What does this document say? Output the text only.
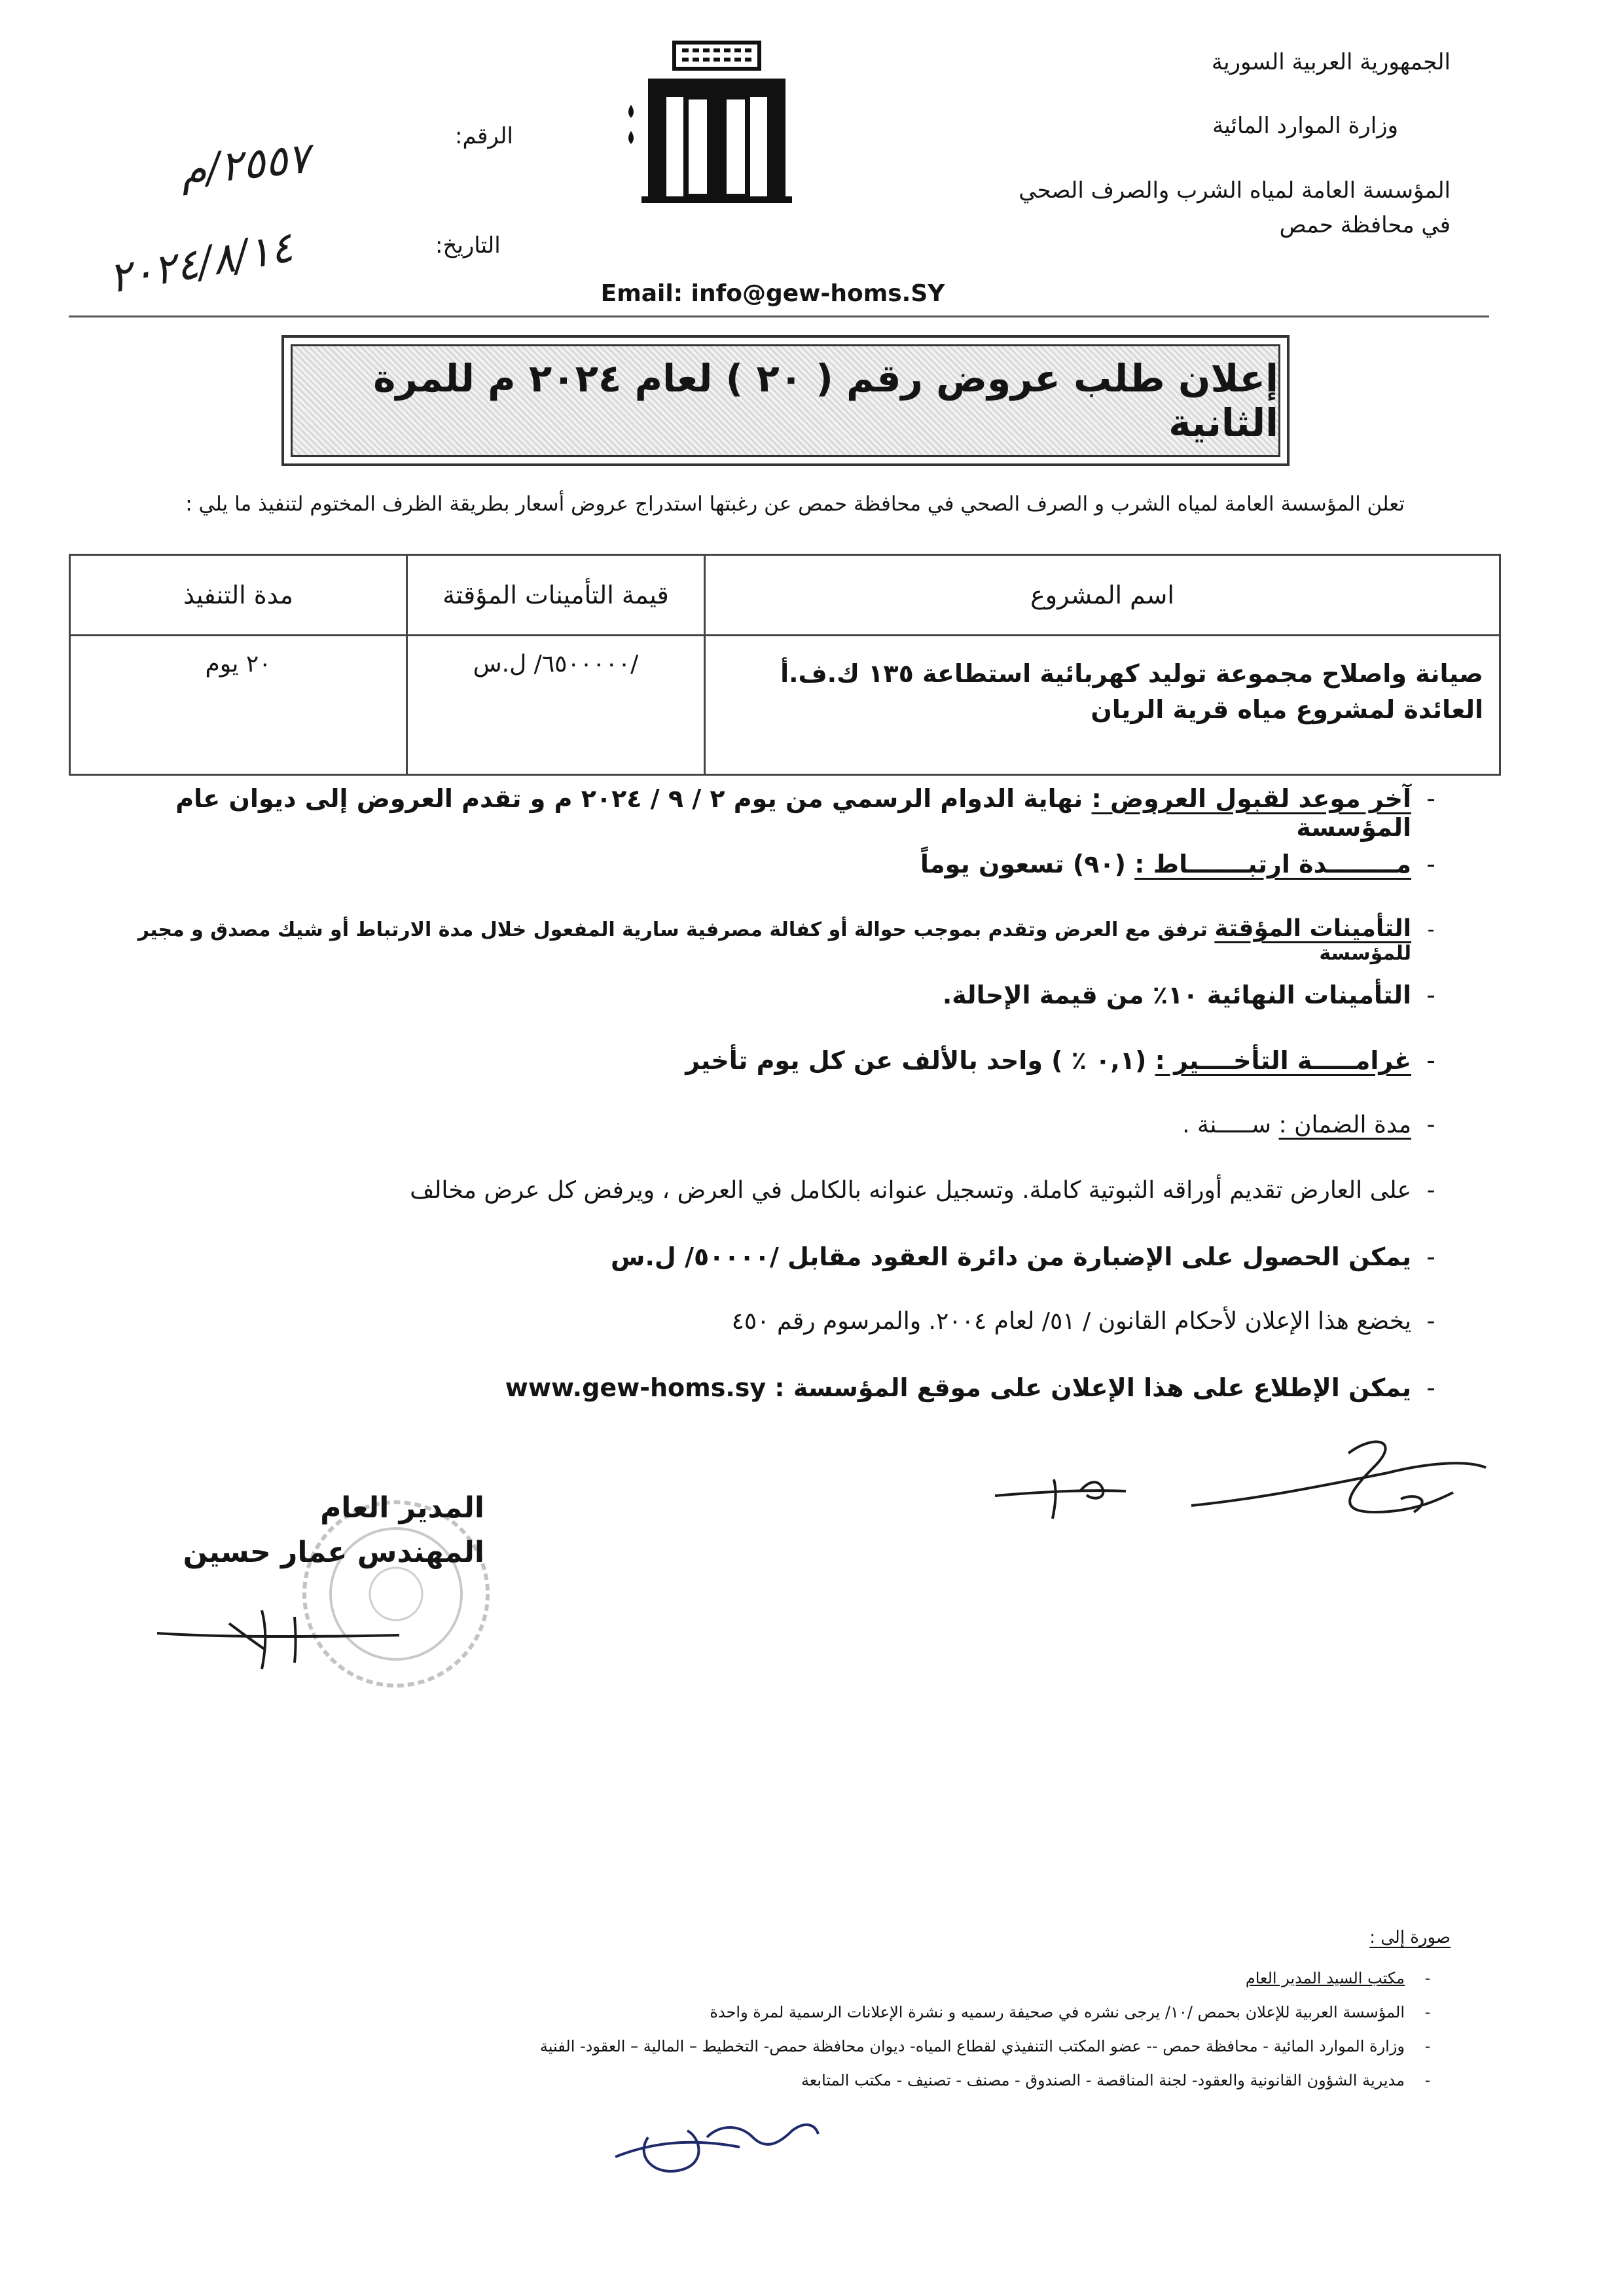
الجمهورية العربية السورية
وزارة الموارد المائية
المؤسسة العامة لمياه الشرب والصرف الصحي
في محافظة حمص
الرقم:
٢٥٥٧/م
التاريخ:
٢٠٢٤/٨/١٤	Email: info@gew-homs.SY
إعلان طلب عروض رقم ( ٢٠ ) لعام ٢٠٢٤ م للمرة الثانية
تعلن المؤسسة العامة لمياه الشرب و الصرف الصحي في محافظة حمص عن رغبتها استدراج عروض أسعار بطريقة الظرف المختوم لتنفيذ ما يلي :
اسم المشروع	قيمة التأمينات المؤقتة	مدة التنفيذ

صيانة واصلاح مجموعة توليد كهربائية استطاعة ١٣٥ ك.ف.أ
العائدة لمشروع مياه قرية الريان	/٦٥٠٠٠٠٠/ ل.س	٢٠ يوم
-
آخر موعد لقبول العروض : نهاية الدوام الرسمي من يوم ٢ / ٩ / ٢٠٢٤ م و تقدم العروض إلى ديوان عام المؤسسة
-
مــــــــدة ارتبـــــــاط : (٩٠) تسعون يوماً
-
التأمينات المؤقتة ترفق مع العرض وتقدم بموجب حوالة أو كفالة مصرفية سارية المفعول خلال مدة الارتباط أو شيك مصدق و مجير للمؤسسة
-
التأمينات النهائية ١٠٪ من قيمة الإحالة.
-
غرامـــــة التأخــــير : (٠,١ ٪ ) واحد بالألف عن كل يوم تأخير
-
مدة الضمان : ســـــنة .
-
على العارض تقديم أوراقه الثبوتية كاملة. وتسجيل عنوانه بالكامل في العرض ، ويرفض كل عرض مخالف
-
يمكن الحصول على الإضبارة من دائرة العقود مقابل /٥٠٠٠٠/ ل.س
-
يخضع هذا الإعلان لأحكام القانون / ٥١/ لعام ٢٠٠٤. والمرسوم رقم ٤٥٠
-
يمكن الإطلاع على هذا الإعلان على موقع المؤسسة : www.gew-homs.sy
المدير العام
المهندس عمار حسين
صورة إلى :
-
مكتب السيد المدير العام
-
المؤسسة العربية للإعلان بحمص /١٠/ يرجى نشره في صحيفة رسميه و نشرة الإعلانات الرسمية لمرة واحدة
-
وزارة الموارد المائية - محافظة حمص -- عضو المكتب التنفيذي لقطاع المياه- ديوان محافظة حمص- التخطيط – المالية – العقود- الفنية
-
مديرية الشؤون القانونية والعقود- لجنة المناقصة - الصندوق - مصنف - تصنيف - مكتب المتابعة
